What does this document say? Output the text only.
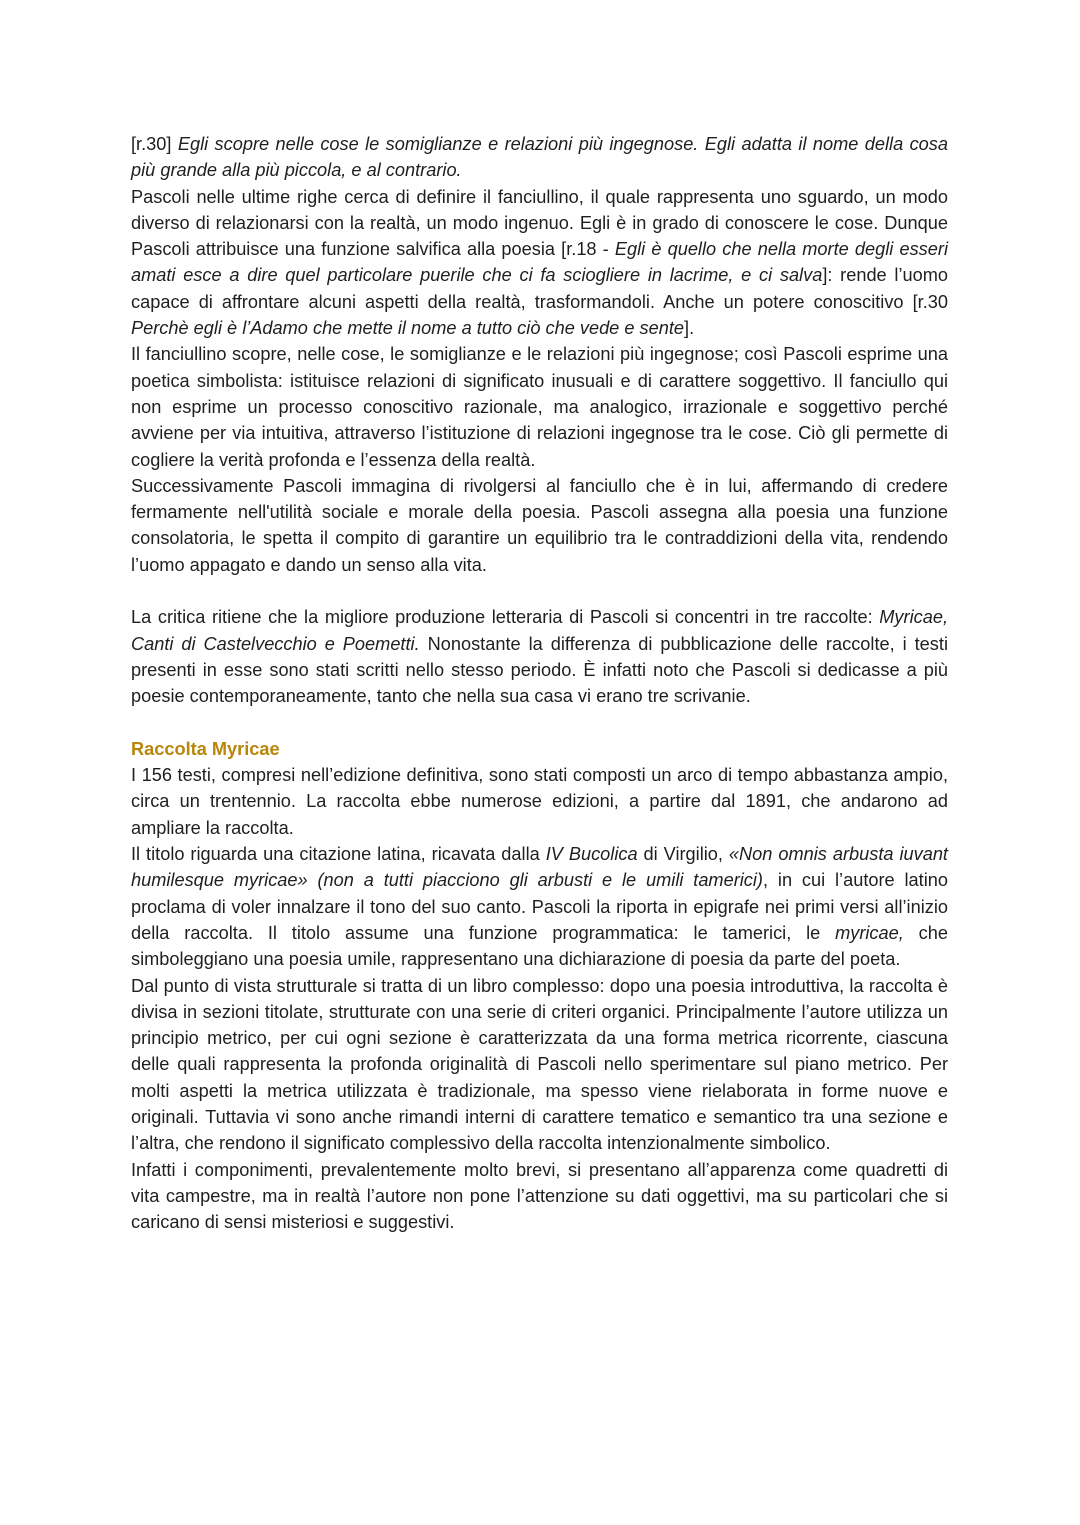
[r.30] Egli scopre nelle cose le somiglianze e relazioni più ingegnose. Egli adatta il nome della cosa più grande alla più piccola, e al contrario.

Pascoli nelle ultime righe cerca di definire il fanciullino, il quale rappresenta uno sguardo, un modo diverso di relazionarsi con la realtà, un modo ingenuo. Egli è in grado di conoscere le cose. Dunque Pascoli attribuisce una funzione salvifica alla poesia [r.18 - Egli è quello che nella morte degli esseri amati esce a dire quel particolare puerile che ci fa sciogliere in lacrime, e ci salva]: rende l’uomo capace di affrontare alcuni aspetti della realtà, trasformandoli. Anche un potere conoscitivo [r.30 Perchè egli è l’Adamo che mette il nome a tutto ciò che vede e sente].

Il fanciullino scopre, nelle cose, le somiglianze e le relazioni più ingegnose; così Pascoli esprime una poetica simbolista: istituisce relazioni di significato inusuali e di carattere soggettivo. Il fanciullo qui non esprime un processo conoscitivo razionale, ma analogico, irrazionale e soggettivo perché avviene per via intuitiva, attraverso l’istituzione di relazioni ingegnose tra le cose. Ciò gli permette di cogliere la verità profonda e l’essenza della realtà.

Successivamente Pascoli immagina di rivolgersi al fanciullo che è in lui, affermando di credere fermamente nell'utilità sociale e morale della poesia. Pascoli assegna alla poesia una funzione consolatoria, le spetta il compito di garantire un equilibrio tra le contraddizioni della vita, rendendo l’uomo appagato e dando un senso alla vita.

La critica ritiene che la migliore produzione letteraria di Pascoli si concentri in tre raccolte: Myricae, Canti di Castelvecchio e Poemetti. Nonostante la differenza di pubblicazione delle raccolte, i testi presenti in esse sono stati scritti nello stesso periodo. È infatti noto che Pascoli si dedicasse a più poesie contemporaneamente, tanto che nella sua casa vi erano tre scrivanie.

Raccolta Myricae

I 156 testi, compresi nell’edizione definitiva, sono stati composti un arco di tempo abbastanza ampio, circa un trentennio. La raccolta ebbe numerose edizioni, a partire dal 1891, che andarono ad ampliare la raccolta.

Il titolo riguarda una citazione latina, ricavata dalla IV Bucolica di Virgilio, «Non omnis arbusta iuvant humilesque myricae» (non a tutti piacciono gli arbusti e le umili tamerici), in cui l’autore latino proclama di voler innalzare il tono del suo canto. Pascoli la riporta in epigrafe nei primi versi all’inizio della raccolta. Il titolo assume una funzione programmatica: le tamerici, le myricae, che simboleggiano una poesia umile, rappresentano una dichiarazione di poesia da parte del poeta.

Dal punto di vista strutturale si tratta di un libro complesso: dopo una poesia introduttiva, la raccolta è divisa in sezioni titolate, strutturate con una serie di criteri organici. Principalmente l’autore utilizza un principio metrico, per cui ogni sezione è caratterizzata da una forma metrica ricorrente, ciascuna delle quali rappresenta la profonda originalità di Pascoli nello sperimentare sul piano metrico. Per molti aspetti la metrica utilizzata è tradizionale, ma spesso viene rielaborata in forme nuove e originali. Tuttavia vi sono anche rimandi interni di carattere tematico e semantico tra una sezione e l’altra, che rendono il significato complessivo della raccolta intenzionalmente simbolico.

Infatti i componimenti, prevalentemente molto brevi, si presentano all’apparenza come quadretti di vita campestre, ma in realtà l’autore non pone l’attenzione su dati oggettivi, ma su particolari che si caricano di sensi misteriosi e suggestivi.
